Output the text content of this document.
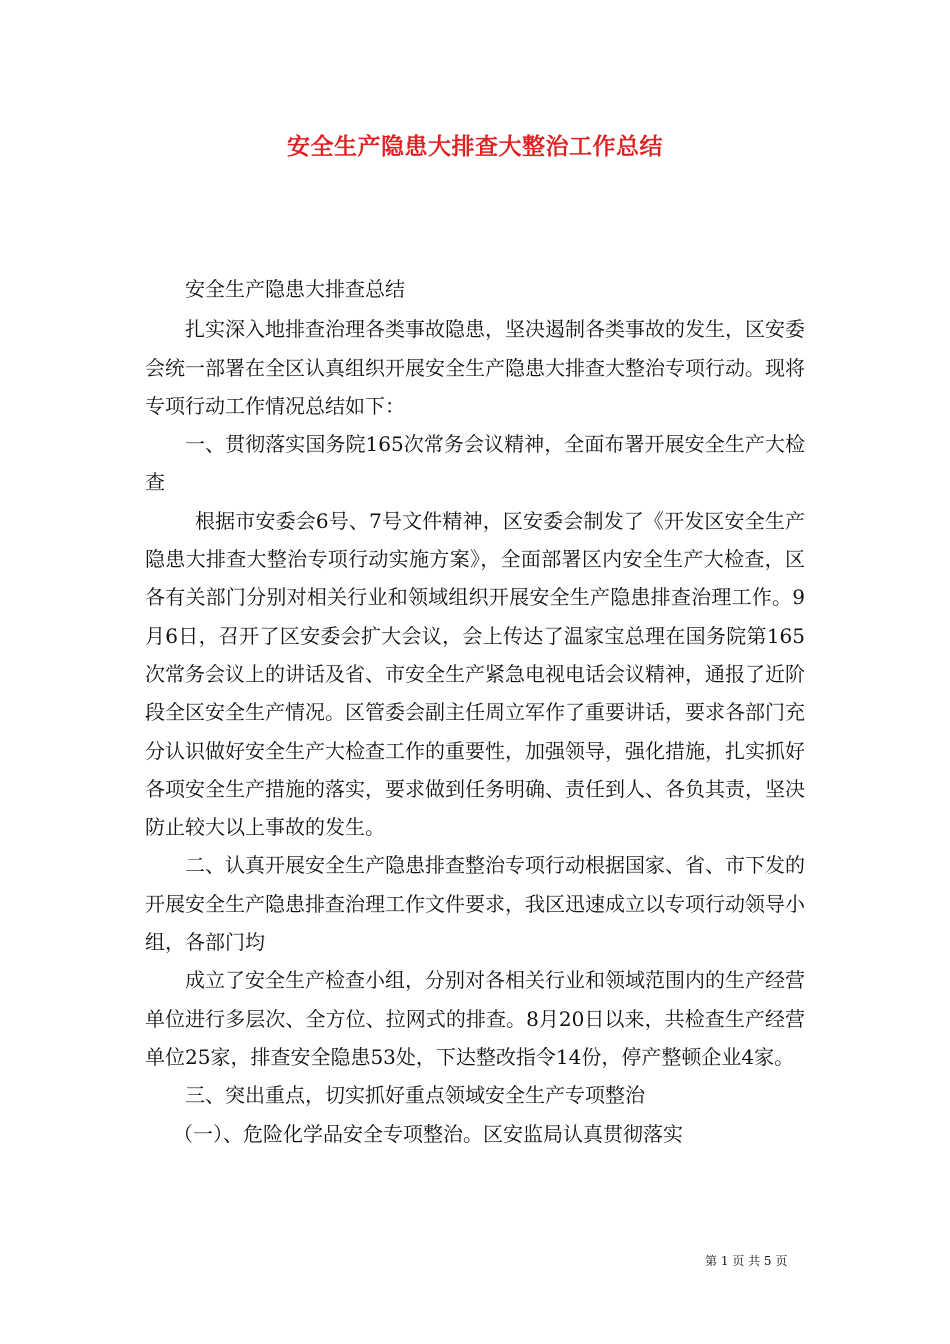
安全生产隐患大排查大整治工作总结

安全生产隐患大排查总结

扎实深入地排查治理各类事故隐患，坚决遏制各类事故的发生，区安委会统一部署在全区认真组织开展安全生产隐患大排查大整治专项行动。现将专项行动工作情况总结如下：

一、贯彻落实国务院165次常务会议精神，全面布署开展安全生产大检查

根据市安委会6号、7号文件精神，区安委会制发了《开发区安全生产隐患大排查大整治专项行动实施方案》，全面部署区内安全生产大检查，区各有关部门分别对相关行业和领域组织开展安全生产隐患排查治理工作。9月6日，召开了区安委会扩大会议，会上传达了温家宝总理在国务院第165次常务会议上的讲话及省、市安全生产紧急电视电话会议精神，通报了近阶段全区安全生产情况。区管委会副主任周立军作了重要讲话，要求各部门充分认识做好安全生产大检查工作的重要性，加强领导，强化措施，扎实抓好各项安全生产措施的落实，要求做到任务明确、责任到人、各负其责，坚决防止较大以上事故的发生。

二、认真开展安全生产隐患排查整治专项行动根据国家、省、市下发的开展安全生产隐患排查治理工作文件要求，我区迅速成立以专项行动领导小组，各部门均

成立了安全生产检查小组，分别对各相关行业和领域范围内的生产经营单位进行多层次、全方位、拉网式的排查。8月20日以来，共检查生产经营单位25家，排查安全隐患53处，下达整改指令14份，停产整顿企业4家。

三、突出重点，切实抓好重点领域安全生产专项整治

（一）、危险化学品安全专项整治。区安监局认真贯彻落实

第 1 页 共 5 页
